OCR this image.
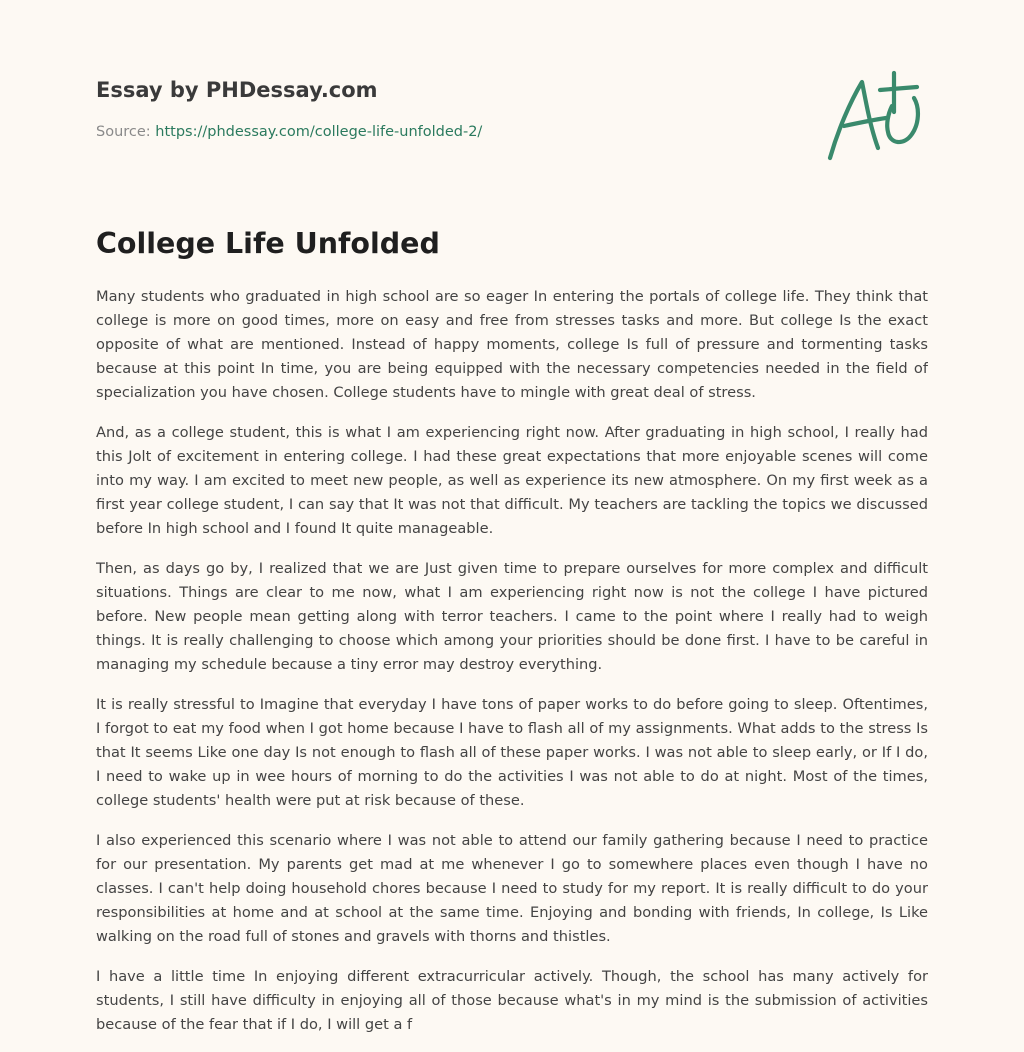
Essay by PHDessay.com
Source: https://phdessay.com/college-life-unfolded-2/
College Life Unfolded

Many students who graduated in high school are so eager In entering the portals of college life. They think that college is more on good times, more on easy and free from stresses tasks and more. But college Is the exact opposite of what are mentioned. Instead of happy moments, college Is full of pressure and tormenting tasks because at this point In time, you are being equipped with the necessary competencies needed in the field of specialization you have chosen. College students have to mingle with great deal of stress.

And, as a college student, this is what I am experiencing right now. After graduating in high school, I really had this Jolt of excitement in entering college. I had these great expectations that more enjoyable scenes will come into my way. I am excited to meet new people, as well as experience its new atmosphere. On my first week as a first year college student, I can say that It was not that difficult. My teachers are tackling the topics we discussed before In high school and I found It quite manageable.

Then, as days go by, I realized that we are Just given time to prepare ourselves for more complex and difficult situations. Things are clear to me now, what I am experiencing right now is not the college I have pictured before. New people mean getting along with terror teachers. I came to the point where I really had to weigh things. It is really challenging to choose which among your priorities should be done first. I have to be careful in managing my schedule because a tiny error may destroy everything.

It is really stressful to Imagine that everyday I have tons of paper works to do before going to sleep. Oftentimes, I forgot to eat my food when I got home because I have to flash all of my assignments. What adds to the stress Is that It seems Like one day Is not enough to flash all of these paper works. I was not able to sleep early, or If I do, I need to wake up in wee hours of morning to do the activities I was not able to do at night. Most of the times, college students' health were put at risk because of these.

I also experienced this scenario where I was not able to attend our family gathering because I need to practice for our presentation. My parents get mad at me whenever I go to somewhere places even though I have no classes. I can't help doing household chores because I need to study for my report. It is really difficult to do your responsibilities at home and at school at the same time. Enjoying and bonding with friends, In college, Is Like walking on the road full of stones and gravels with thorns and thistles.

I have a little time In enjoying different extracurricular actively. Though, the school has many actively for students, I still have difficulty in enjoying all of those because what's in my mind is the submission of activities because of the fear that if I do, I will get a f
